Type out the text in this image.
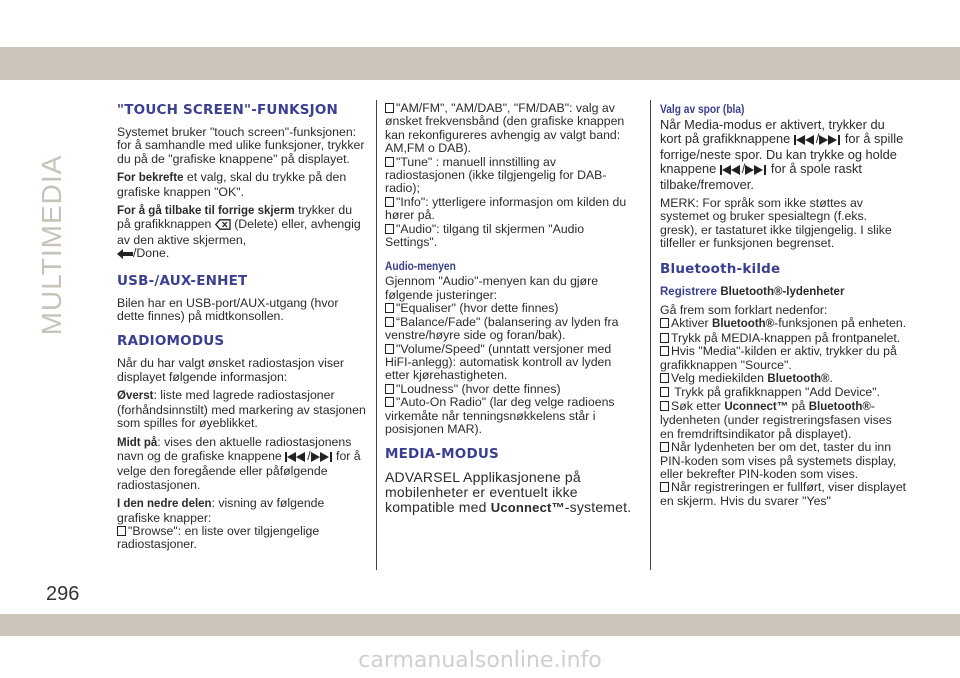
MULTIMEDIA
"TOUCH SCREEN"-FUNKSJON

Systemet bruker "touch screen"-funksjonen: for å samhandle med ulike funksjoner, trykker du på de "grafiske knappene" på displayet.

For bekrefte et valg, skal du trykke på den grafiske knappen "OK".

For å gå tilbake til forrige skjerm trykker du på grafikknappen (Delete) eller, avhengig av den aktive skjermen,
/Done.

USB-/AUX-ENHET

Bilen har en USB-port/AUX-utgang (hvor dette finnes) på midtkonsollen.

RADIOMODUS

Når du har valgt ønsket radiostasjon viser displayet følgende informasjon:

Øverst: liste med lagrede radiostasjoner (forhåndsinnstilt) med markering av stasjonen som spilles for øyeblikket.

Midt på: vises den aktuelle radiostasjonens navn og de grafiske knappene / for å velge den foregående eller påfølgende radiostasjonen.

I den nedre delen: visning av følgende grafiske knapper:
"Browse": en liste over tilgjengelige radiostasjoner.

"AM/FM", "AM/DAB", "FM/DAB": valg av ønsket frekvensbånd (den grafiske knappen kan rekonfigureres avhengig av valgt band: AM,FM o DAB).
"Tune" : manuell innstilling av radiostasjonen (ikke tilgjengelig for DAB-radio);
"Info": ytterligere informasjon om kilden du hører på.
"Audio": tilgang til skjermen "Audio Settings".

Audio-menyen

Gjennom "Audio"-menyen kan du gjøre følgende justeringer:
"Equaliser" (hvor dette finnes)
“Balance/Fade" (balansering av lyden fra venstre/høyre side og foran/bak).
"Volume/Speed" (unntatt versjoner med HiFI-anlegg): automatisk kontroll av lyden etter kjørehastigheten.
"Loudness" (hvor dette finnes)
"Auto-On Radio" (lar deg velge radioens virkemåte når tenningsnøkkelens står i posisjonen MAR).

MEDIA-MODUS

ADVARSEL Applikasjonene på mobilenheter er eventuelt ikke kompatible med Uconnect™-systemet.

Valg av spor (bla)

Når Media-modus er aktivert, trykker du kort på grafikknappene / for å spille forrige/neste spor. Du kan trykke og holde knappene / for å spole raskt tilbake/fremover.

MERK: For språk som ikke støttes av systemet og bruker spesialtegn (f.eks. gresk), er tastaturet ikke tilgjengelig. I slike tilfeller er funksjonen begrenset.

Bluetooth-kilde

Registrere Bluetooth®-lydenheter

Gå frem som forklart nedenfor:
Aktiver Bluetooth®-funksjonen på enheten.
Trykk på MEDIA-knappen på frontpanelet.
Hvis "Media"-kilden er aktiv, trykker du på grafikknappen "Source".
Velg mediekilden Bluetooth®.
Trykk på grafikknappen "Add Device".
Søk etter Uconnect™ på Bluetooth®-lydenheten (under registreringsfasen vises en fremdriftsindikator på displayet).
Når lydenheten ber om det, taster du inn PIN-koden som vises på systemets display, eller bekrefter PIN-koden som vises.
Når registreringen er fullført, viser displayet en skjerm. Hvis du svarer "Yes"

296
carmanualsonline.info
